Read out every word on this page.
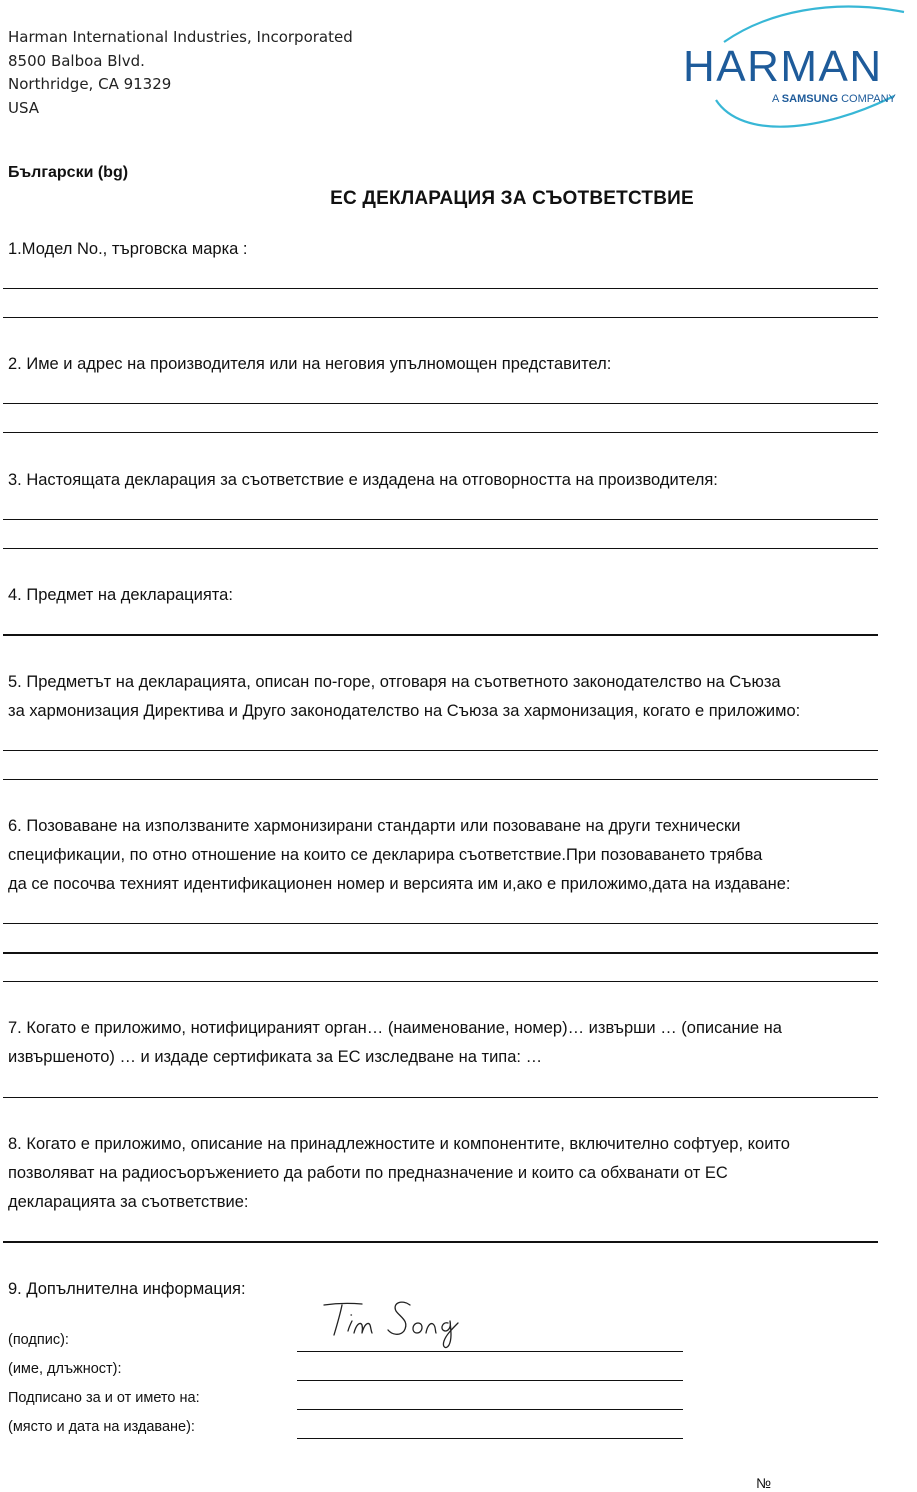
Harman International Industries, Incorporated
8500 Balboa Blvd.
Northridge, CA 91329
USA
HARMAN
A SAMSUNG COMPANY
Български (bg)
ЕС ДЕКЛАРАЦИЯ ЗА СЪОТВЕТСТВИЕ
1.Модел No., търговска марка :
2. Име и адрес на производителя или на неговия упълномощен представител:
3. Настоящата декларация за съответствие е издадена на отговорността на производителя:
4. Предмет на декларацията:
5. Предметът на декларацията, описан по-горе, отговаря на съответното законодателство на Съюза
за хармонизация Директива и Друго законодателство на Съюза за хармонизация, когато е приложимо:
6. Позоваване на използваните хармонизирани стандарти или позоваване на други технически
спецификации, по отно отношение на които се декларира съответствие.При позоваването трябва
да се посочва техният идентификационен номер и версията им и,ако е приложимо,дата на издаване:
7. Когато е приложимо, нотифицираният орган… (наименование, номер)… извърши … (описание на
извършеното) … и издаде сертификата за ЕС изследване на типа: …
8. Когато е приложимо, описание на принадлежностите и компонентите, включително софтуер, които
позволяват на радиосъоръжението да работи по предназначение и които са обхванати от ЕС
декларацията за съответствие:
9. Допълнителна информация:
(подпис):
(име, длъжност):
Подписано за и от името на:
(място и дата на издаване):
№
